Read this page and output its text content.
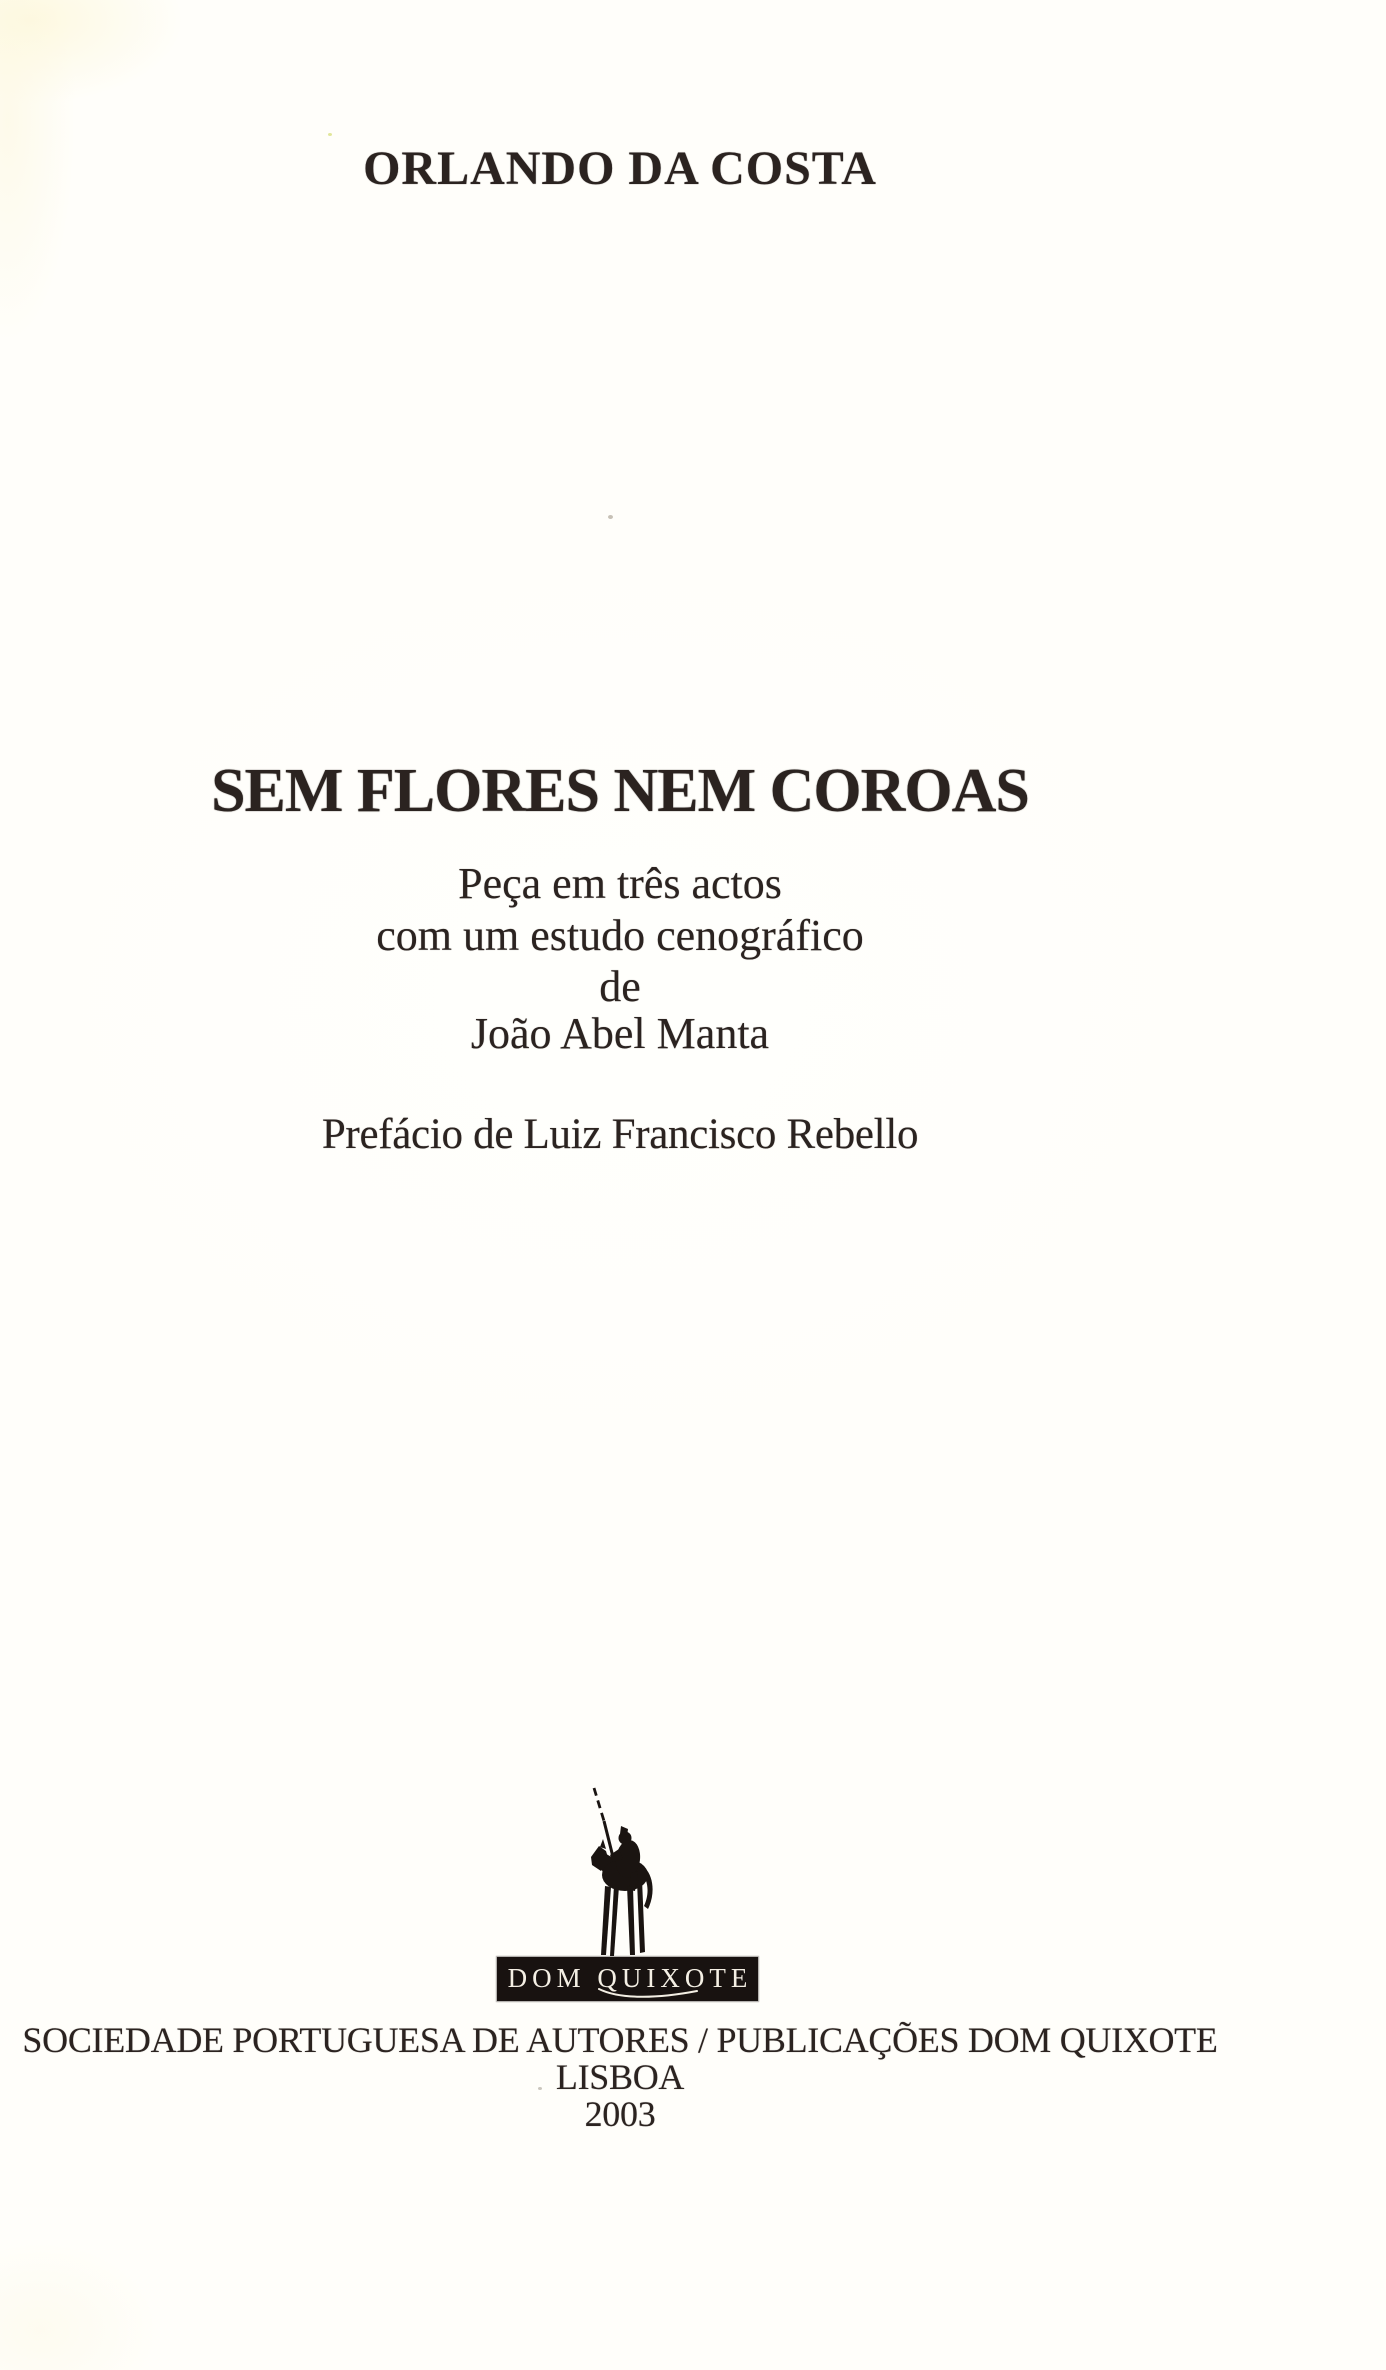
ORLANDO DA COSTA
SEM FLORES NEM COROAS
Peça em três actos
com um estudo cenográfico
de
João Abel Manta
Prefácio de Luiz Francisco Rebello
DOM QUIXOTE
SOCIEDADE PORTUGUESA DE AUTORES / PUBLICAÇÕES DOM QUIXOTE
LISBOA
2003
